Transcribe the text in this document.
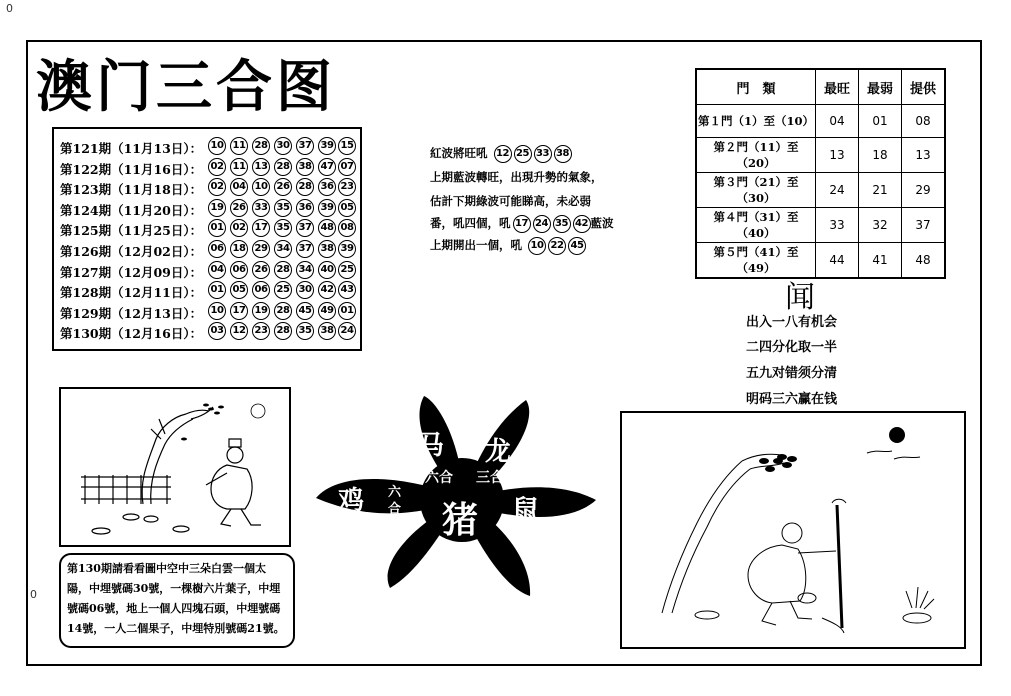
0
0
澳门三合图
第121期（11月13日）： 10 11 28 30 37 39 15
第122期（11月16日）： 02 11 13 28 38 47 07
第123期（11月18日）： 02 04 10 26 28 36 23
第124期（11月20日）： 19 26 33 35 36 39 05
第125期（11月25日）： 01 02 17 35 37 48 08
第126期（12月02日）： 06 18 29 34 37 38 39
第127期（12月09日）： 04 06 26 28 34 40 25
第128期（12月11日）： 01 05 06 25 30 42 43
第129期（12月13日）： 10 17 19 28 45 49 01
第130期（12月16日）： 03 12 23 28 35 38 24
紅波將旺吼 12 25 33 38
上期藍波轉旺，出現升勢的氣象，
估計下期綠波可能睇高，未必弱
番，吼四個，吼 17 24 35 42 藍波
上期開出一個，吼 10 22 45
門　類	最旺	最弱	提供
第１門（1）至（10）	04	01	08
第２門（11）至（20）	13	18	13
第３門（21）至（30）	24	21	29
第４門（31）至（40）	33	32	37
第５門（41）至（49）	44	41	48
闻
出入一八有机会
二四分化取一半
五九对错须分清
明码三六赢在钱
第130期請看看圖中空中三朵白雲一個太陽，中埋號碼30號，一棵樹六片葉子，中埋號碼06號，地上一個人四塊石頭，中埋號碼14號，一人二個果子，中埋特別號碼21號。
马 龙
六合 三合
鸡 六
合 猪 鼠
